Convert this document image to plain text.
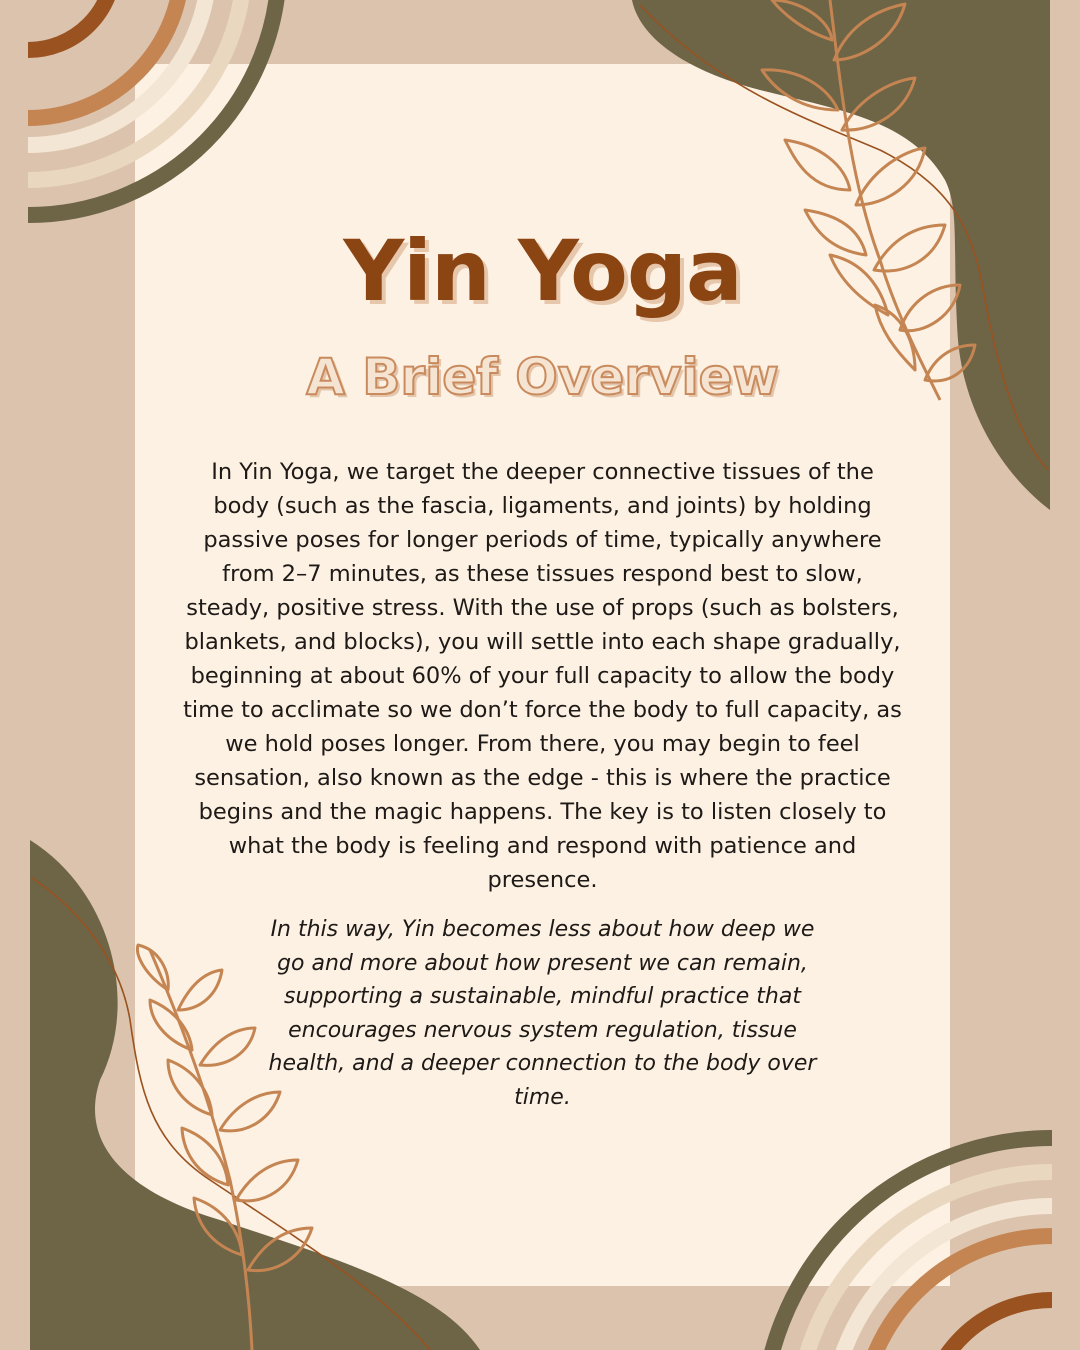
Yin Yoga
A Brief Overview

In Yin Yoga, we target the deeper connective tissues of the body (such as the fascia, ligaments, and joints) by holding passive poses for longer periods of time, typically anywhere from 2–7 minutes, as these tissues respond best to slow, steady, positive stress. With the use of props (such as bolsters, blankets, and blocks), you will settle into each shape gradually, beginning at about 60% of your full capacity to allow the body time to acclimate so we don’t force the body to full capacity, as we hold poses longer. From there, you may begin to feel sensation, also known as the edge - this is where the practice begins and the magic happens. The key is to listen closely to what the body is feeling and respond with patience and presence.

In this way, Yin becomes less about how deep we go and more about how present we can remain, supporting a sustainable, mindful practice that encourages nervous system regulation, tissue health, and a deeper connection to the body over time.
